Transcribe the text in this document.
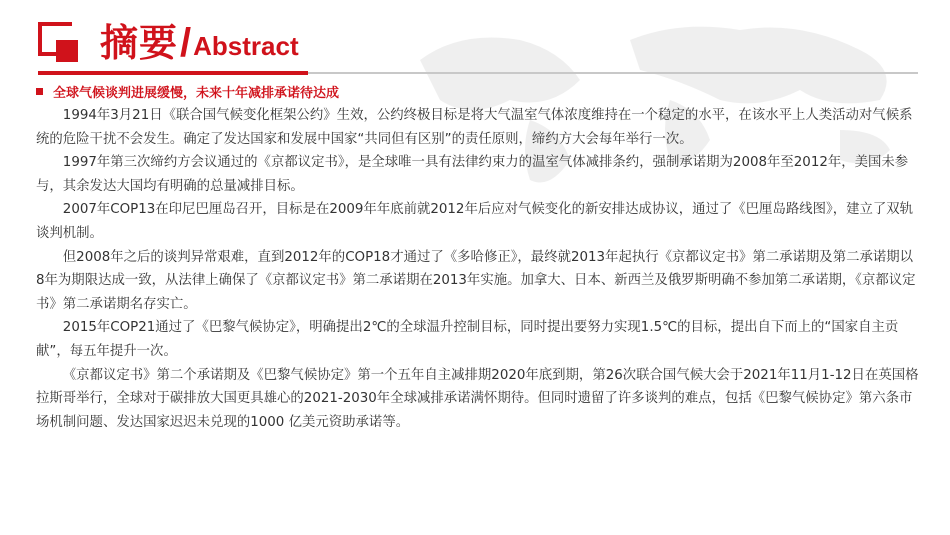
摘要 / Abstract
全球气候谈判进展缓慢，未来十年减排承诺待达成

1994年3月21日《联合国气候变化框架公约》生效，公约终极目标是将大气温室气体浓度维持在一个稳定的水平，在该水平上人类活动对气候系统的危险干扰不会发生。确定了发达国家和发展中国家“共同但有区别”的责任原则，缔约方大会每年举行一次。

1997年第三次缔约方会议通过的《京都议定书》，是全球唯一具有法律约束力的温室气体减排条约，强制承诺期为2008年至2012年，美国未参与，其余发达大国均有明确的总量减排目标。

2007年COP13在印尼巴厘岛召开，目标是在2009年年底前就2012年后应对气候变化的新安排达成协议，通过了《巴厘岛路线图》，建立了双轨谈判机制。

但2008年之后的谈判异常艰难，直到2012年的COP18才通过了《多哈修正》，最终就2013年起执行《京都议定书》第二承诺期及第二承诺期以8年为期限达成一致，从法律上确保了《京都议定书》第二承诺期在2013年实施。加拿大、日本、新西兰及俄罗斯明确不参加第二承诺期，《京都议定书》第二承诺期名存实亡。

2015年COP21通过了《巴黎气候协定》，明确提出2℃的全球温升控制目标，同时提出要努力实现1.5℃的目标，提出自下而上的“国家自主贡献”，每五年提升一次。

《京都议定书》第二个承诺期及《巴黎气候协定》第一个五年自主减排期2020年底到期，第26次联合国气候大会于2021年11月1-12日在英国格拉斯哥举行，全球对于碳排放大国更具雄心的2021-2030年全球减排承诺满怀期待。但同时遗留了许多谈判的难点，包括《巴黎气候协定》第六条市场机制问题、发达国家迟迟未兑现的1000 亿美元资助承诺等。
